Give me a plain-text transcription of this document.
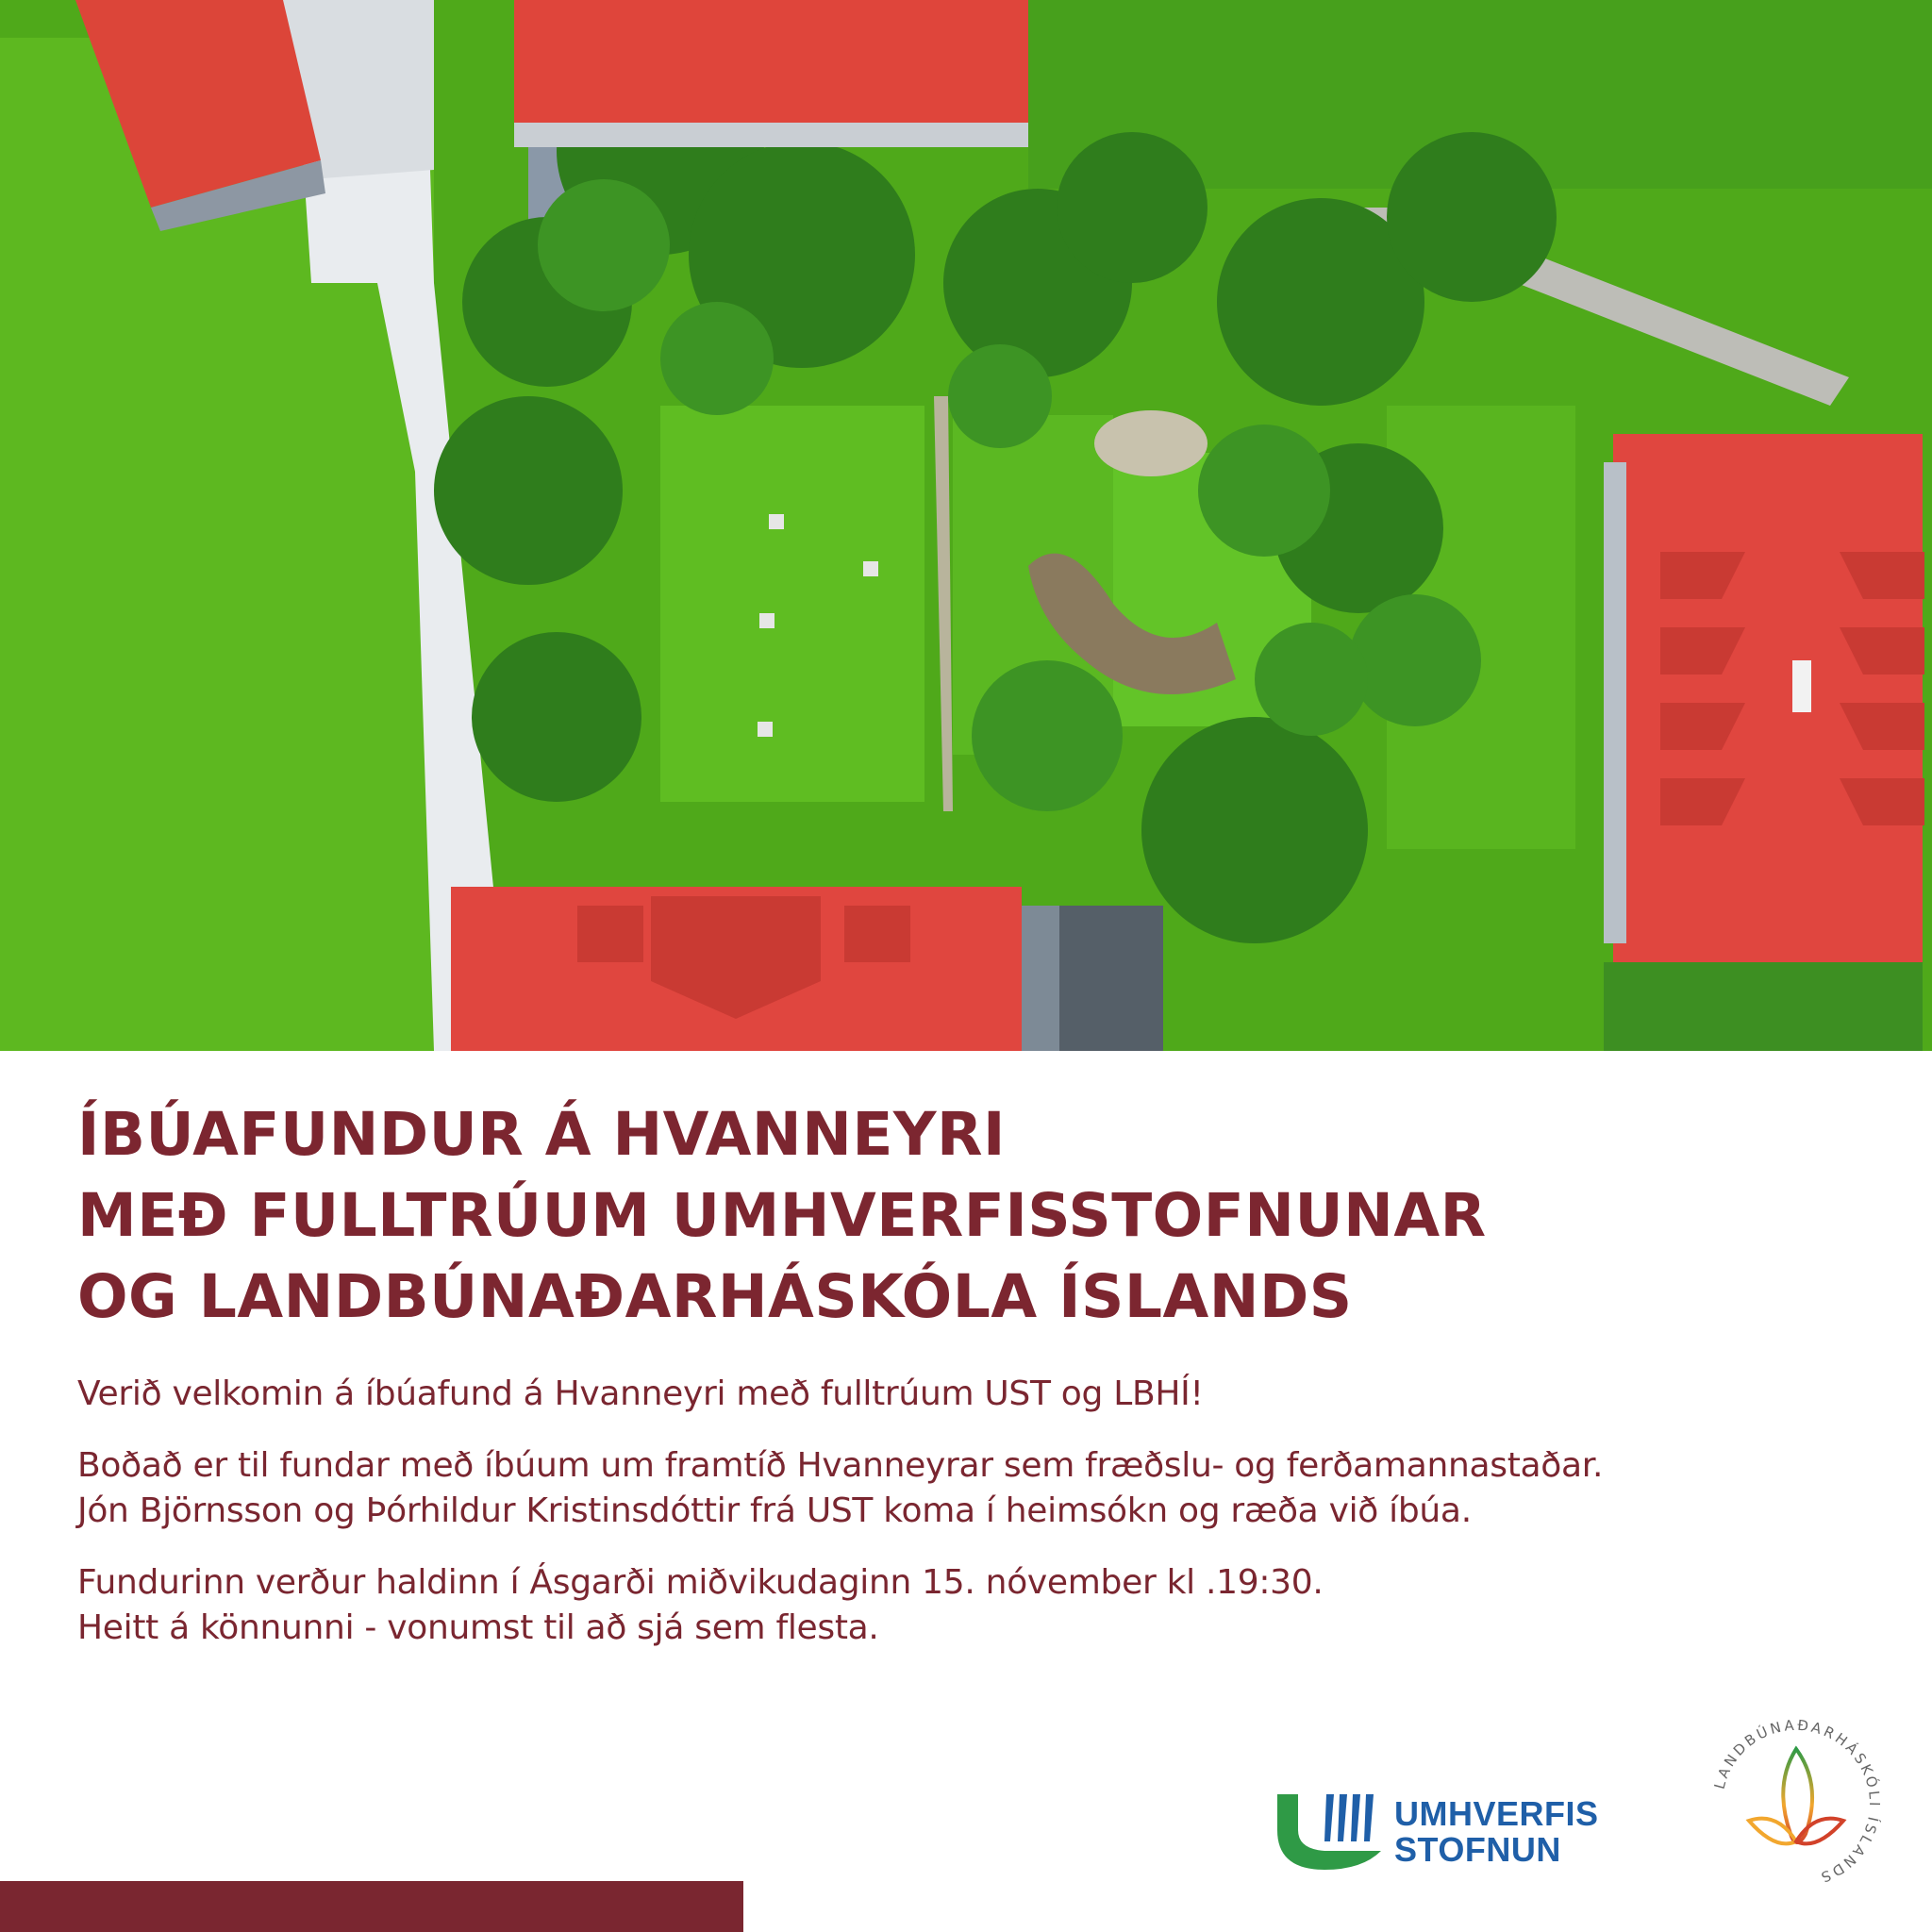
ÍBÚAFUNDUR Á HVANNEYRI
MEÐ FULLTRÚUM UMHVERFISSTOFNUNAR
OG LANDBÚNAÐARHÁSKÓLA ÍSLANDS
Verið velkomin á íbúafund á Hvanneyri með fulltrúum UST og LBHÍ!
Boðað er til fundar með íbúum um framtíð Hvanneyrar sem fræðslu- og ferðamannastaðar.
Jón Björnsson og Þórhildur Kristinsdóttir frá UST koma í heimsókn og ræða við íbúa.
Fundurinn verður haldinn í Ásgarði miðvikudaginn 15. nóvember kl .19:30.
Heitt á könnunni - vonumst til að sjá sem flesta.
UMHVERFIS
STOFNUN
LANDBÚNAÐARHÁSKÓLI ÍSLANDS
